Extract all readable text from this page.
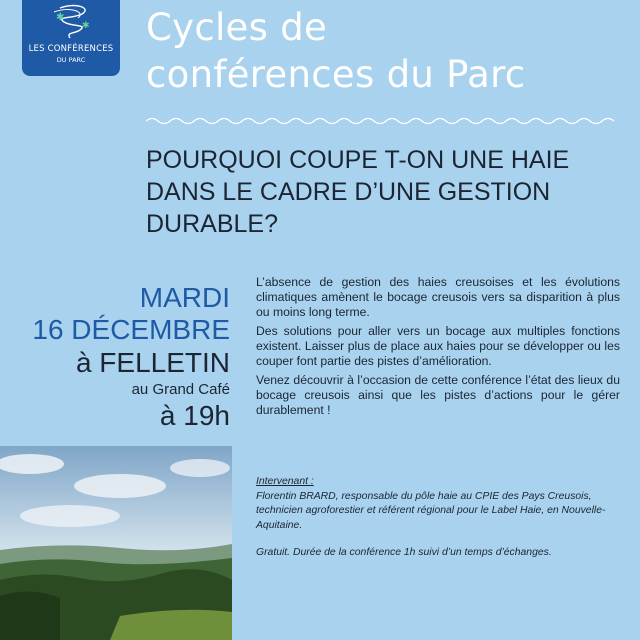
✱
✱
LES CONFÉRENCES
DU PARC
Cycles de
conférences du Parc
POURQUOI COUPE T-ON UNE HAIE
DANS LE CADRE D’UNE GESTION
DURABLE?
MARDI
16 DÉCEMBRE
à FELLETIN
au Grand Café
à 19h

L’absence de gestion des haies creusoises et les évolutions climatiques amènent le bocage creusois vers sa disparition à plus ou moins long terme.

Des solutions pour aller vers un bocage aux multiples fonctions existent. Laisser plus de place aux haies pour se développer ou les couper font partie des pistes d’amélioration.

Venez découvrir à l’occasion de cette conférence l’état des lieux du bocage creusois ainsi que les pistes d’actions pour le gérer durablement !

Intervenant :

Florentin BRARD, responsable du pôle haie au CPIE des Pays Creusois, technicien agroforestier et référent régional pour le Label Haie, en Nouvelle-Aquitaine.

Gratuit. Durée de la conférence 1h suivi d’un temps d’échanges.
